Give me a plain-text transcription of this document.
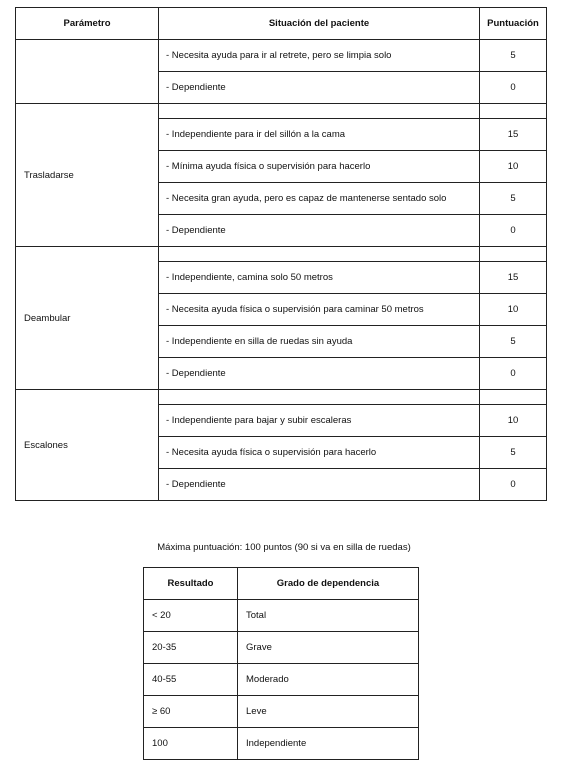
Parámetro	Situación del paciente	Puntuación
	- Necesita ayuda para ir al retrete, pero se limpia solo	5
	- Dependiente	0
Trasladarse		
	- Independiente para ir del sillón a la cama	15
	- Mínima ayuda física o supervisión para hacerlo	10
	- Necesita gran ayuda, pero es capaz de mantenerse sentado solo	5
	- Dependiente	0
Deambular		
	- Independiente, camina solo 50 metros	15
	- Necesita ayuda física o supervisión para caminar 50 metros	10
	- Independiente en silla de ruedas sin ayuda	5
	- Dependiente	0
Escalones		
	- Independiente para bajar y subir escaleras	10
	- Necesita ayuda física o supervisión para hacerlo	5
	- Dependiente	0
Máxima puntuación: 100 puntos (90 si va en silla de ruedas)
Resultado	Grado de dependencia
< 20	Total
20-35	Grave
40-55	Moderado
≥ 60	Leve
100	Independiente
